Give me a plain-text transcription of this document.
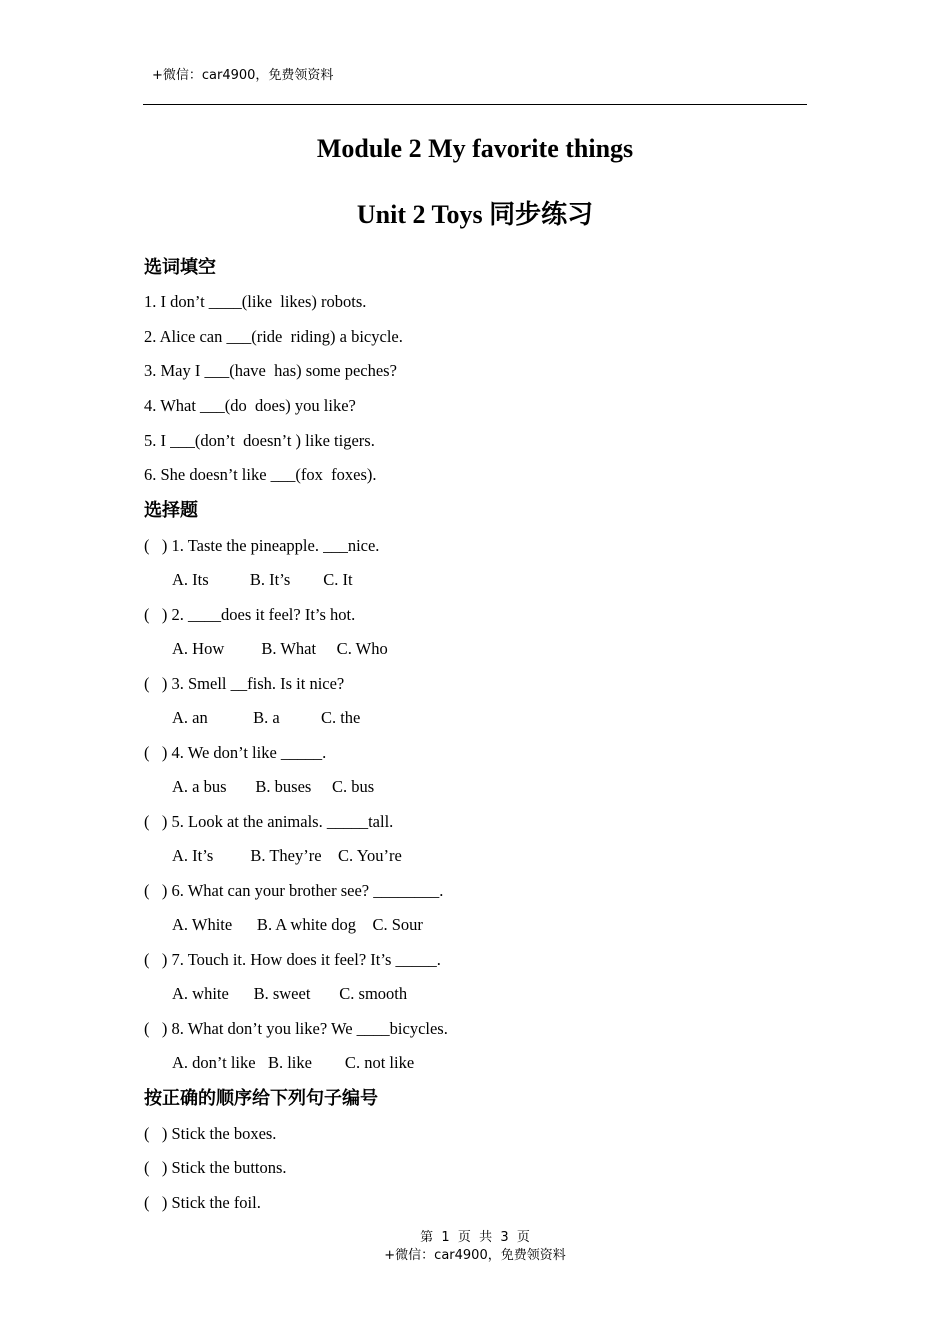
+微信：car4900，免费领资料
Module 2 My favorite things
Unit 2 Toys 同步练习
选词填空
1. I don’t ____(like  likes) robots.
2. Alice can ___(ride  riding) a bicycle.
3. May I ___(have  has) some peches?
4. What ___(do  does) you like?
5. I ___(don’t  doesn’t ) like tigers.
6. She doesn’t like ___(fox  foxes).
选择题
(   ) 1. Taste the pineapple. ___nice.
A. Its          B. It’s        C. It
(   ) 2. ____does it feel? It’s hot.
A. How         B. What     C. Who
(   ) 3. Smell __fish. Is it nice?
A. an           B. a          C. the
(   ) 4. We don’t like _____.
A. a bus       B. buses     C. bus
(   ) 5. Look at the animals. _____tall.
A. It’s         B. They’re    C. You’re
(   ) 6. What can your brother see? ________.
A. White      B. A white dog    C. Sour
(   ) 7. Touch it. How does it feel? It’s _____.
A. white      B. sweet       C. smooth
(   ) 8. What don’t you like? We ____bicycles.
A. don’t like   B. like        C. not like
按正确的顺序给下列句子编号
(   ) Stick the boxes.
(   ) Stick the buttons.
(   ) Stick the foil.
第  1  页  共  3  页
+微信：car4900，免费领资料
